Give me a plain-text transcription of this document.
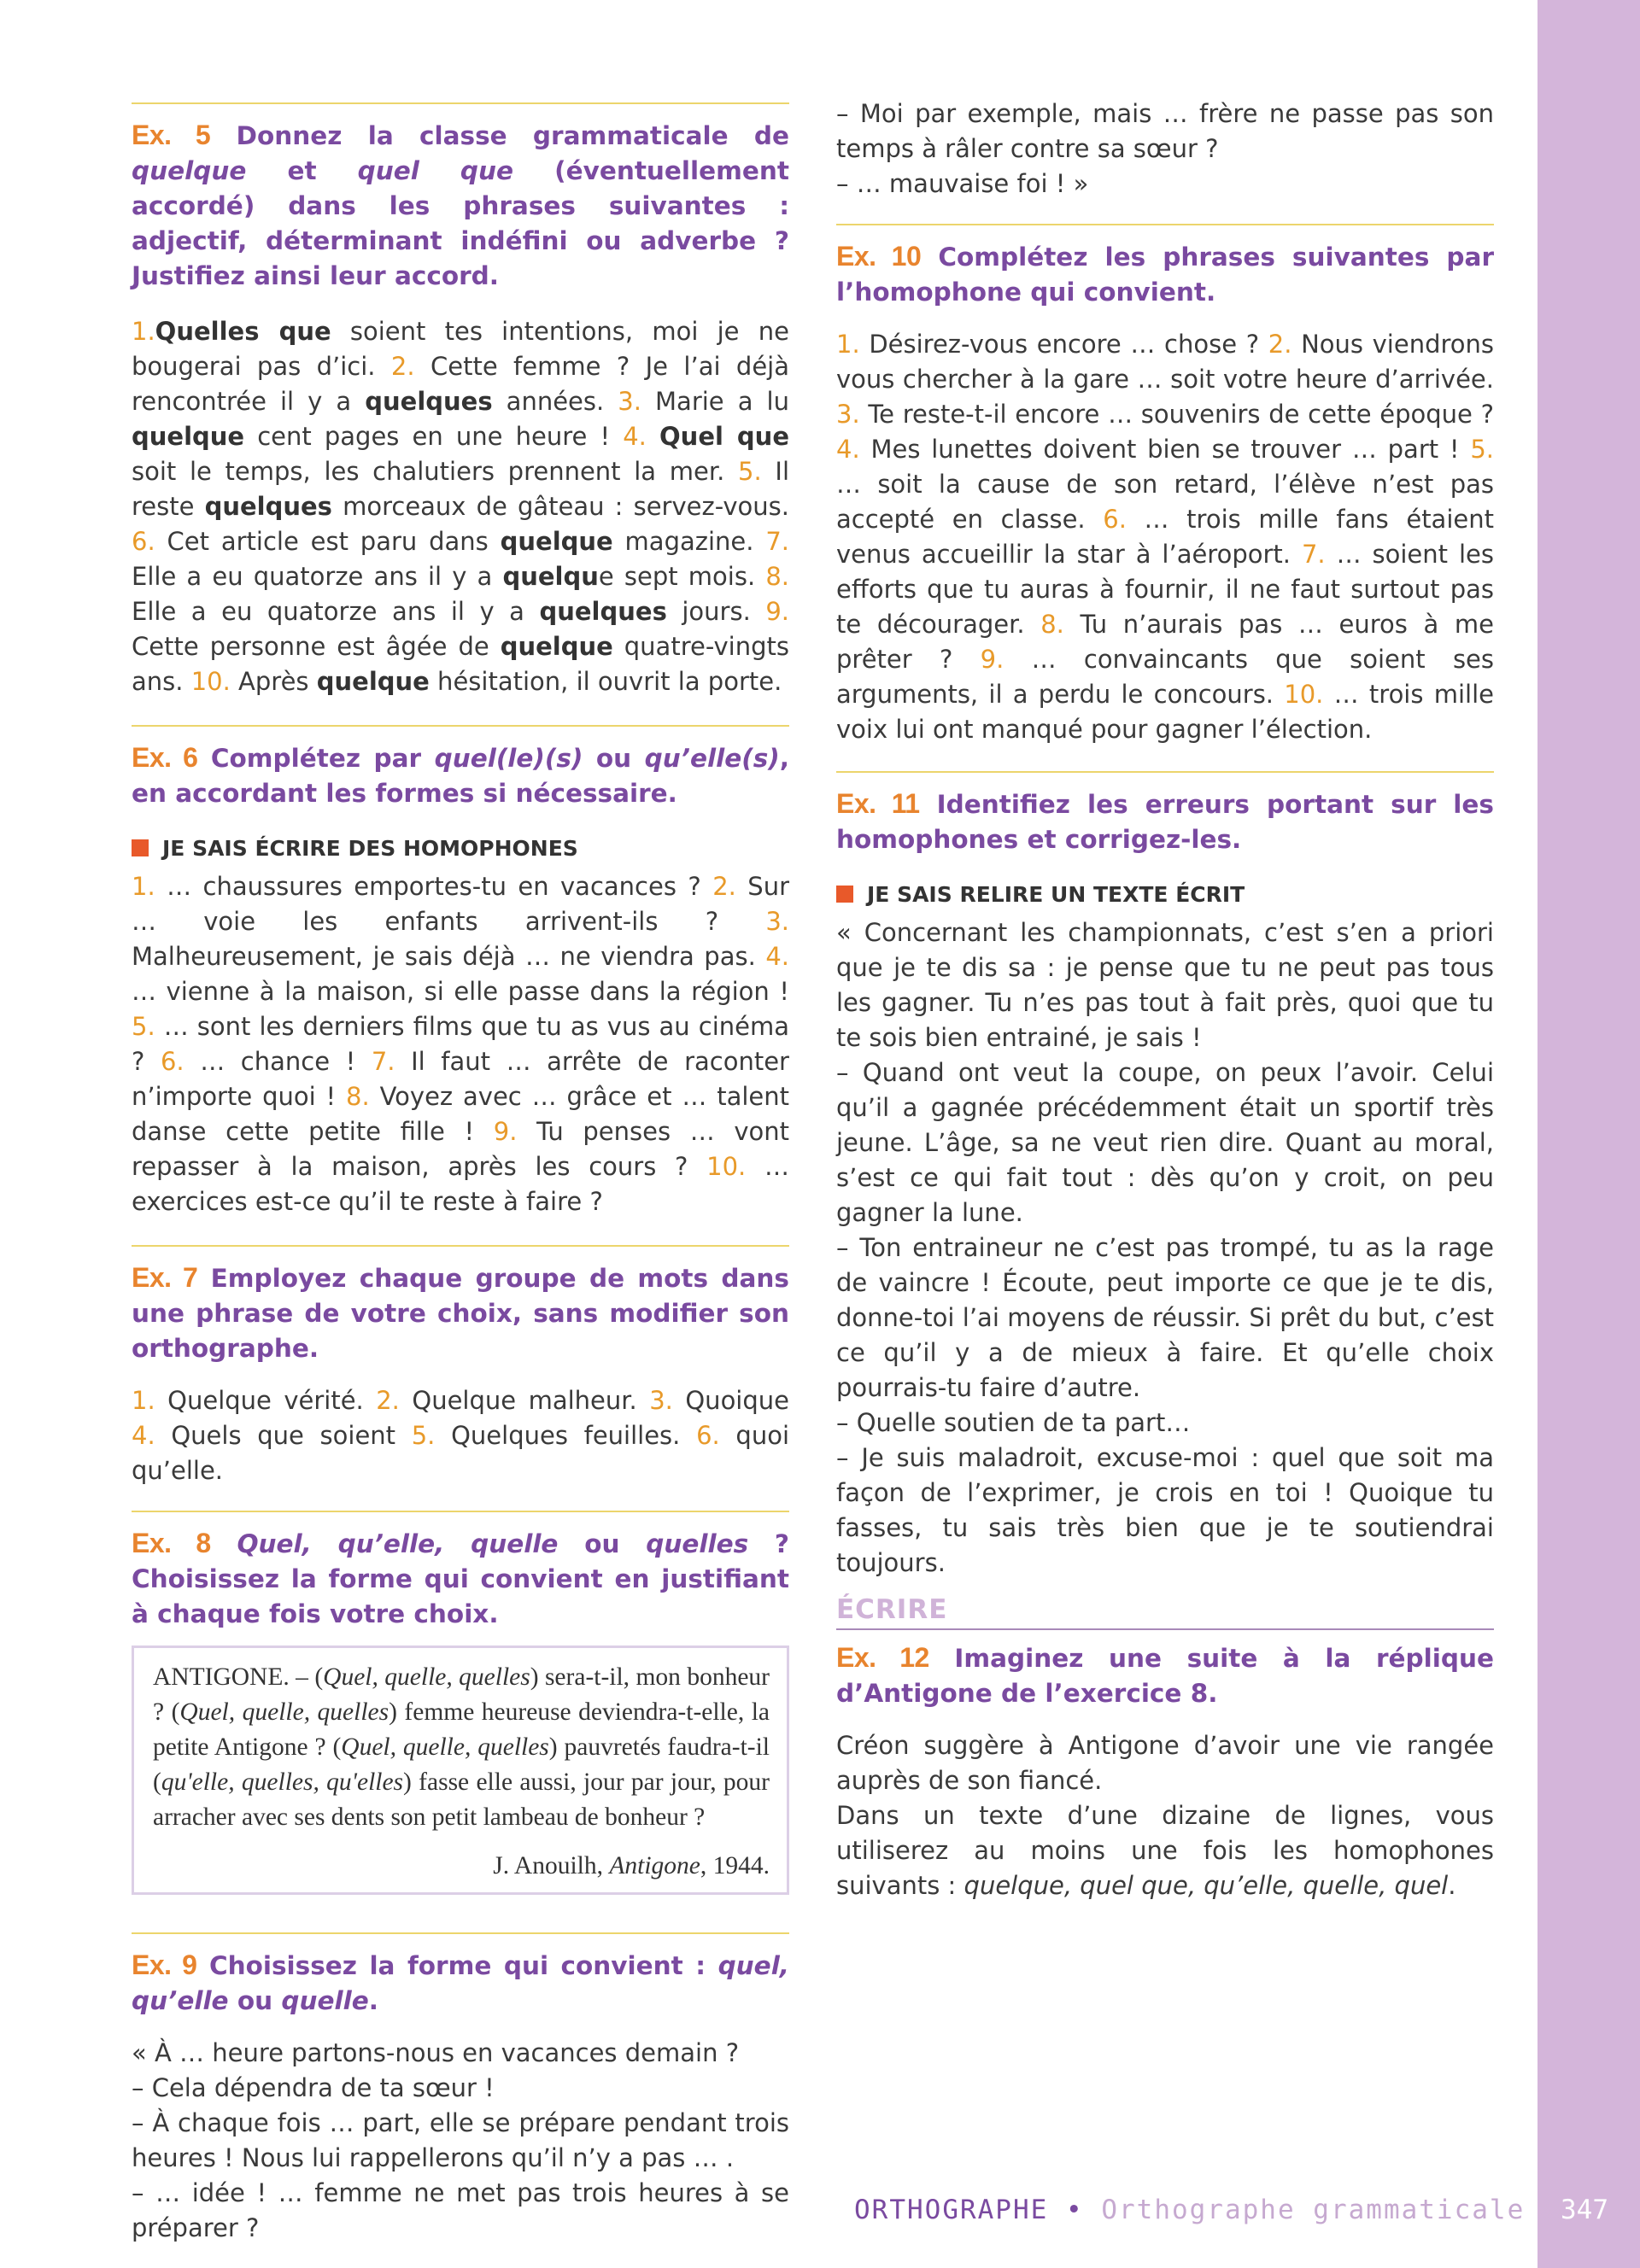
Ex. 5 Donnez la classe grammaticale de quelque et quel que (éventuellement accordé) dans les phrases suivantes : adjectif, déterminant indéfini ou adverbe ? Justifiez ainsi leur accord.

1.Quelles que soient tes intentions, moi je ne bougerai pas d’ici. 2. Cette femme ? Je l’ai déjà rencontrée il y a quelques années. 3. Marie a lu quelque cent pages en une heure ! 4. Quel que soit le temps, les chalutiers prennent la mer. 5. Il reste quelques morceaux de gâteau : servez-vous. 6. Cet article est paru dans quelque magazine. 7. Elle a eu quatorze ans il y a quelque sept mois. 8. Elle a eu quatorze ans il y a quelques jours. 9. Cette personne est âgée de quelque quatre-vingts ans. 10. Après quelque hésitation, il ouvrit la porte.

Ex. 6 Complétez par quel(le)(s) ou qu’elle(s), en accordant les formes si nécessaire.

JE SAIS ÉCRIRE DES HOMOPHONES

1. … chaussures emportes-tu en vacances ? 2. Sur … voie les enfants arrivent-ils ? 3. Malheureusement, je sais déjà … ne viendra pas. 4. … vienne à la maison, si elle passe dans la région ! 5. … sont les derniers films que tu as vus au cinéma ? 6. … chance ! 7. Il faut … arrête de raconter n’importe quoi ! 8. Voyez avec … grâce et … talent danse cette petite fille ! 9. Tu penses … vont repasser à la maison, après les cours ? 10. … exercices est-ce qu’il te reste à faire ?

Ex. 7 Employez chaque groupe de mots dans une phrase de votre choix, sans modifier son orthographe.

1. Quelque vérité. 2. Quelque malheur. 3. Quoique 4. Quels que soient 5. Quelques feuilles. 6. quoi qu’elle.

Ex. 8 Quel, qu’elle, quelle ou quelles ? Choisissez la forme qui convient en justifiant à chaque fois votre choix.

ANTIGONE. – (Quel, quelle, quelles) sera-t-il, mon bonheur ? (Quel, quelle, quelles) femme heureuse deviendra-t-elle, la petite Antigone ? (Quel, quelle, quelles) pauvretés faudra-t-il (qu'elle, quelles, qu'elles) fasse elle aussi, jour par jour, pour arracher avec ses dents son petit lambeau de bonheur ?

J. Anouilh, Antigone, 1944.

Ex. 9 Choisissez la forme qui convient : quel, qu’elle ou quelle.

« À … heure partons-nous en vacances demain ?

– Cela dépendra de ta sœur !

– À chaque fois … part, elle se prépare pendant trois heures ! Nous lui rappellerons qu’il n’y a pas … .

– … idée ! … femme ne met pas trois heures à se préparer ?

– Moi par exemple, mais … frère ne passe pas son temps à râler contre sa sœur ?

– … mauvaise foi ! »

Ex. 10 Complétez les phrases suivantes par l’homophone qui convient.

1. Désirez-vous encore … chose ? 2. Nous viendrons vous chercher à la gare … soit votre heure d’arrivée. 3. Te reste-t-il encore … souvenirs de cette époque ? 4. Mes lunettes doivent bien se trouver … part ! 5. … soit la cause de son retard, l’élève n’est pas accepté en classe. 6. … trois mille fans étaient venus accueillir la star à l’aéroport. 7. … soient les efforts que tu auras à fournir, il ne faut surtout pas te décourager. 8. Tu n’aurais pas … euros à me prêter ? 9. … convaincants que soient ses arguments, il a perdu le concours. 10. … trois mille voix lui ont manqué pour gagner l’élection.

Ex. 11 Identifiez les erreurs portant sur les homophones et corrigez-les.

JE SAIS RELIRE UN TEXTE ÉCRIT

« Concernant les championnats, c’est s’en a priori que je te dis sa : je pense que tu ne peut pas tous les gagner. Tu n’es pas tout à fait près, quoi que tu te sois bien entrainé, je sais !

– Quand ont veut la coupe, on peux l’avoir. Celui qu’il a gagnée précédemment était un sportif très jeune. L’âge, sa ne veut rien dire. Quant au moral, s’est ce qui fait tout : dès qu’on y croit, on peu gagner la lune.

– Ton entraineur ne c’est pas trompé, tu as la rage de vaincre ! Écoute, peut importe ce que je te dis, donne-toi l’ai moyens de réussir. Si prêt du but, c’est ce qu’il y a de mieux à faire. Et qu’elle choix pourrais-tu faire d’autre.

– Quelle soutien de ta part…

– Je suis maladroit, excuse-moi : quel que soit ma façon de l’exprimer, je crois en toi ! Quoique tu fasses, tu sais très bien que je te soutiendrai toujours.

ÉCRIRE

Ex. 12 Imaginez une suite à la réplique d’Antigone de l’exercice 8.

Créon suggère à Antigone d’avoir une vie rangée auprès de son fiancé.

Dans un texte d’une dizaine de lignes, vous utiliserez au moins une fois les homophones suivants : quelque, quel que, qu’elle, quelle, quel.

ORTHOGRAPHE • Orthographe grammaticale	347
